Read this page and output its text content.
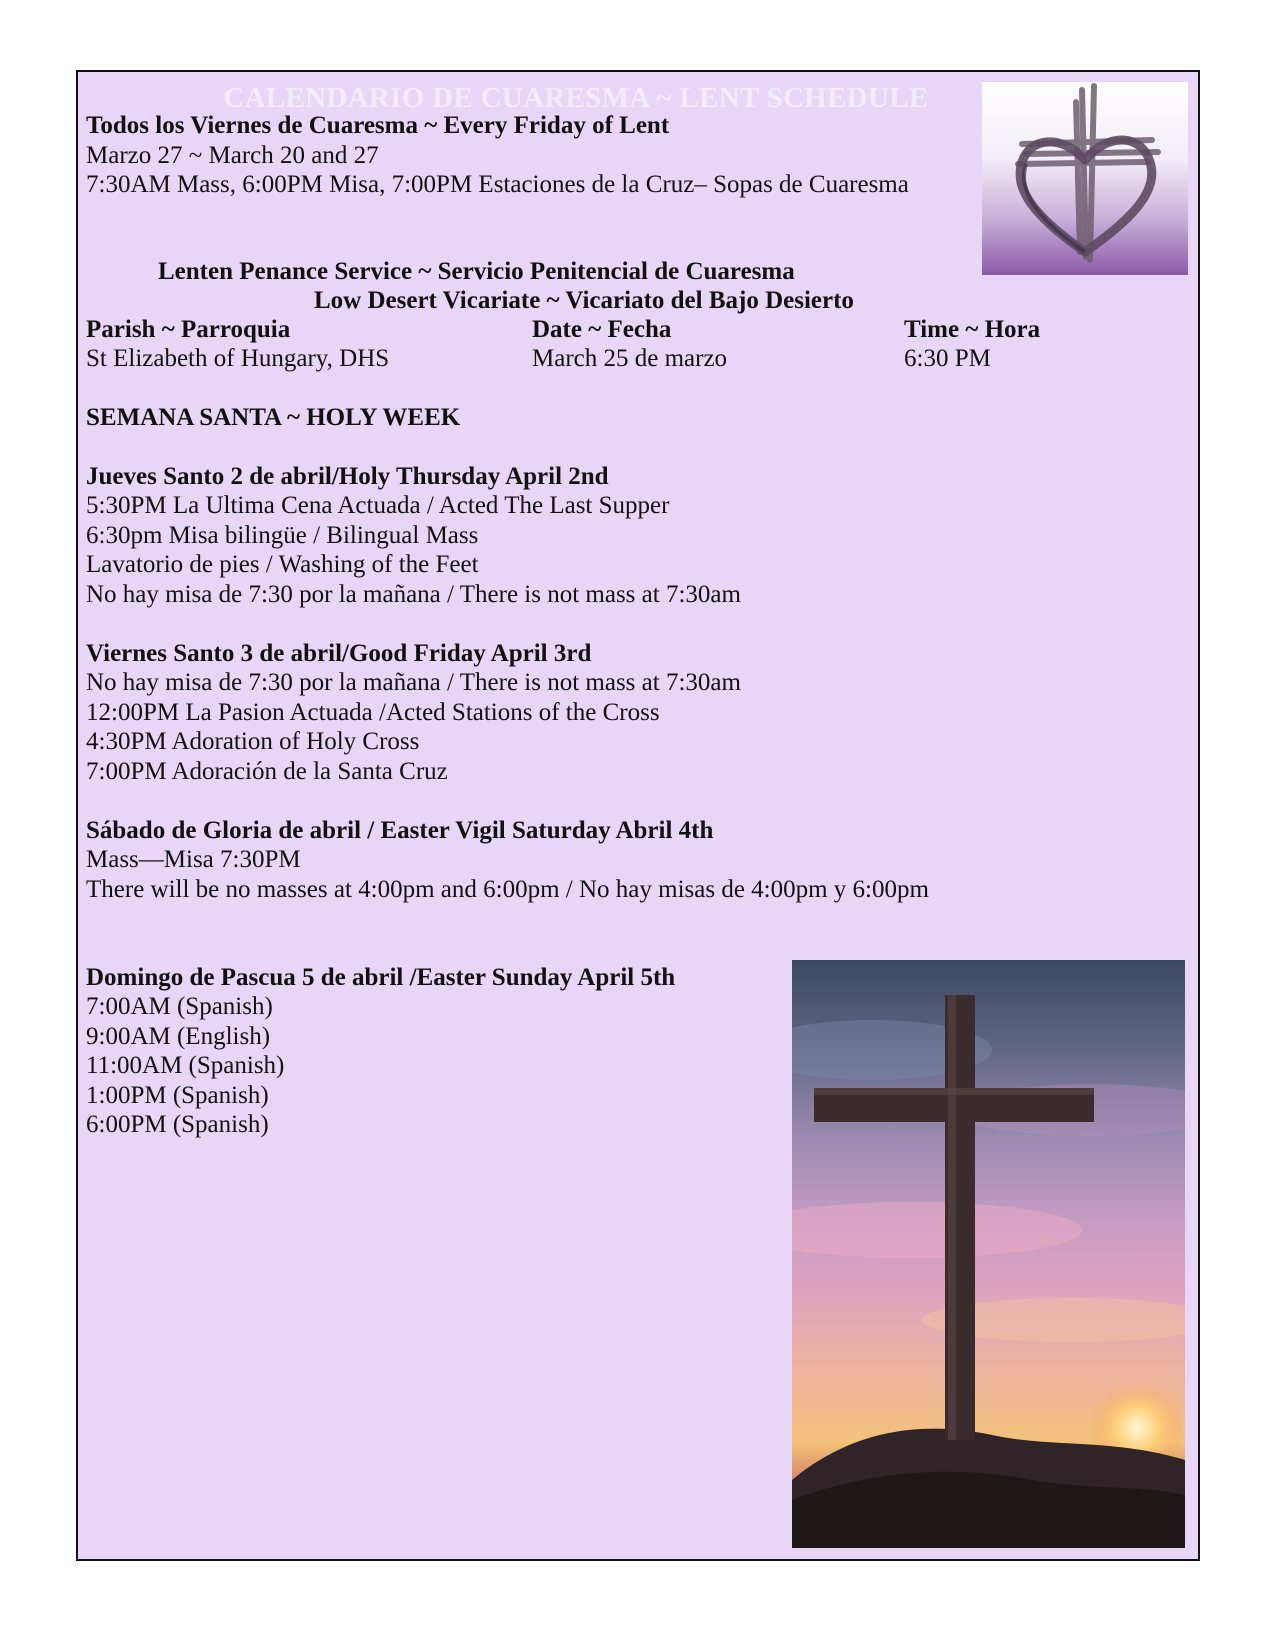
CALENDARIO DE CUARESMA ~ LENT SCHEDULE
Todos los Viernes de Cuaresma ~ Every Friday of Lent
Marzo 27 ~ March 20 and 27
7:30AM Mass, 6:00PM Misa, 7:00PM Estaciones de la Cruz– Sopas de Cuaresma
Lenten Penance Service ~ Servicio Penitencial de Cuaresma
Low Desert Vicariate ~ Vicariato del Bajo Desierto
Parish ~ Parroquia	Date ~ Fecha	Time ~ Hora
St Elizabeth of Hungary, DHS	March 25 de marzo	6:30 PM
SEMANA SANTA ~ HOLY WEEK
Jueves Santo 2 de abril/Holy Thursday April 2nd
5:30PM La Ultima Cena Actuada / Acted The Last Supper
6:30pm Misa bilingüe / Bilingual Mass
Lavatorio de pies / Washing of the Feet
No hay misa de 7:30 por la mañana / There is not mass at 7:30am
Viernes Santo 3 de abril/Good Friday April 3rd
No hay misa de 7:30 por la mañana / There is not mass at 7:30am
12:00PM La Pasion Actuada /Acted Stations of the Cross
4:30PM Adoration of Holy Cross
7:00PM Adoración de la Santa Cruz
Sábado de Gloria de abril / Easter Vigil Saturday Abril 4th
Mass—Misa 7:30PM
There will be no masses at 4:00pm and 6:00pm / No hay misas de 4:00pm y 6:00pm
Domingo de Pascua 5 de abril /Easter Sunday April 5th
7:00AM (Spanish)
9:00AM (English)
11:00AM (Spanish)
1:00PM (Spanish)
6:00PM (Spanish)
